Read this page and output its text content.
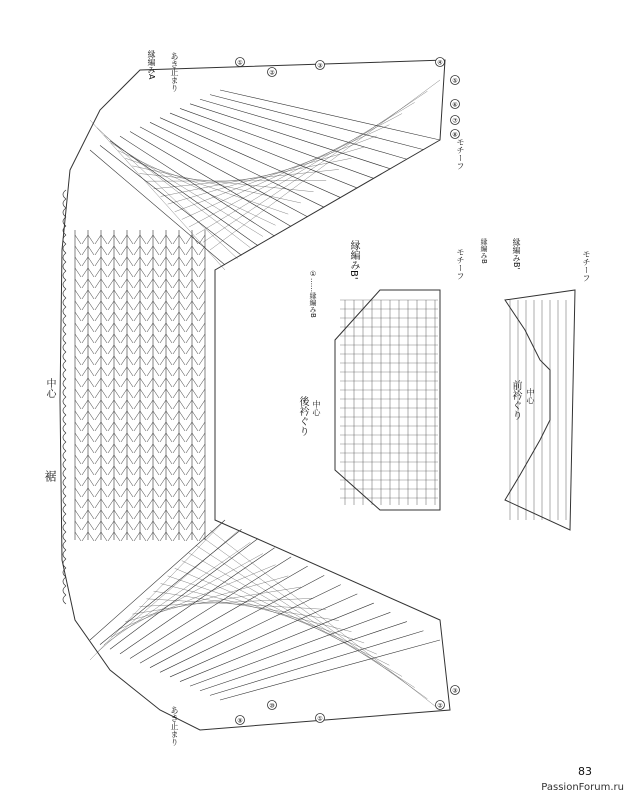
①
②
③	④
⑤
⑥
⑦
⑧
⑨
⑩
①
②
③
裾
中心
縁編みA あき止まり
モチーフ
あき止まり
後衿ぐり 中心
縁編みB'	モチーフ
①……縁編みB
前衿ぐり 中心
縁編みB'
縁編みB	モチーフ
83
PassionForum.ru
